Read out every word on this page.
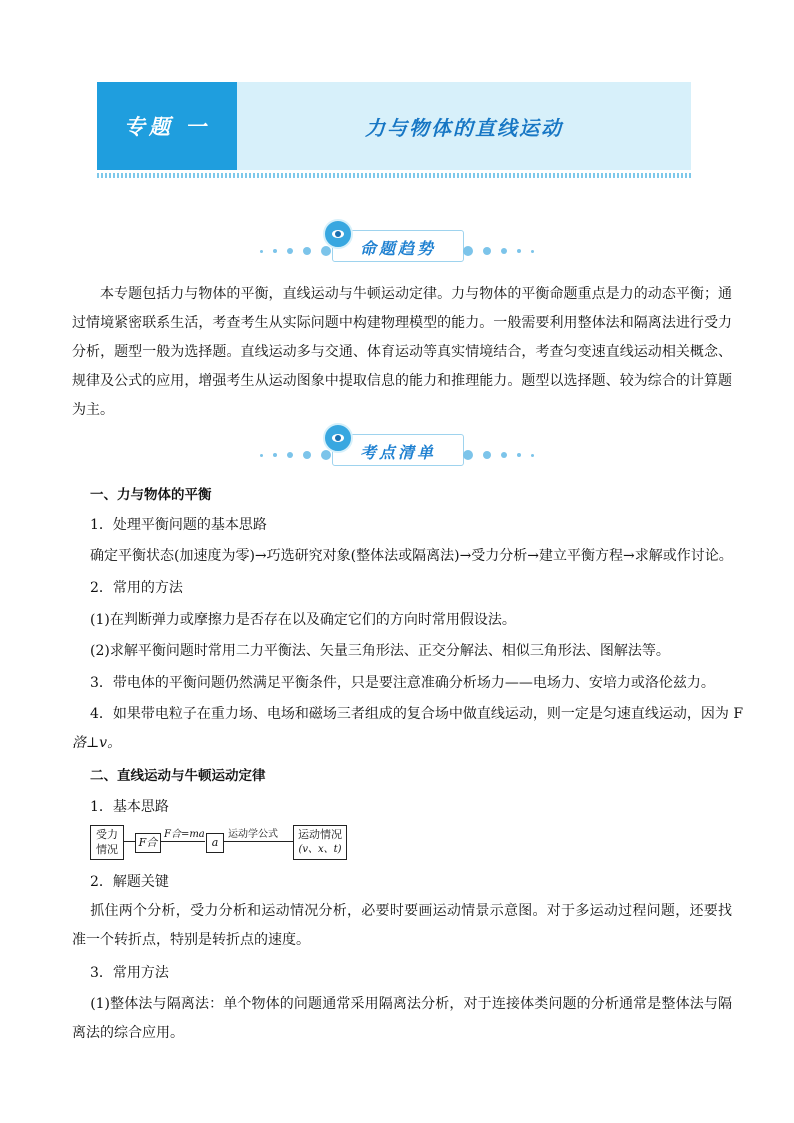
专题 一	力与物体的直线运动
命题趋势
本专题包括力与物体的平衡，直线运动与牛顿运动定律。力与物体的平衡命题重点是力的动态平衡；通过情境紧密联系生活，考查考生从实际问题中构建物理模型的能力。一般需要利用整体法和隔离法进行受力分析，题型一般为选择题。直线运动多与交通、体育运动等真实情境结合，考查匀变速直线运动相关概念、规律及公式的应用，增强考生从运动图象中提取信息的能力和推理能力。题型以选择题、较为综合的计算题为主。
考点清单
一、力与物体的平衡
1．处理平衡问题的基本思路
确定平衡状态(加速度为零)→巧选研究对象(整体法或隔离法)→受力分析→建立平衡方程→求解或作讨论。
2．常用的方法
(1)在判断弹力或摩擦力是否存在以及确定它们的方向时常用假设法。
(2)求解平衡问题时常用二力平衡法、矢量三角形法、正交分解法、相似三角形法、图解法等。
3．带电体的平衡问题仍然满足平衡条件，只是要注意准确分析场力——电场力、安培力或洛伦兹力。
4．如果带电粒子在重力场、电场和磁场三者组成的复合场中做直线运动，则一定是匀速直线运动，因为 F
洛⊥v。
二、直线运动与牛顿运动定律
1．基本思路
受力情况
F合
F合=ma
a
运动学公式	运动情况
(v、x、t)
2．解题关键
抓住两个分析，受力分析和运动情况分析，必要时要画运动情景示意图。对于多运动过程问题，还要找准一个转折点，特别是转折点的速度。
3．常用方法
(1)整体法与隔离法：单个物体的问题通常采用隔离法分析，对于连接体类问题的分析通常是整体法与隔离法的综合应用。
